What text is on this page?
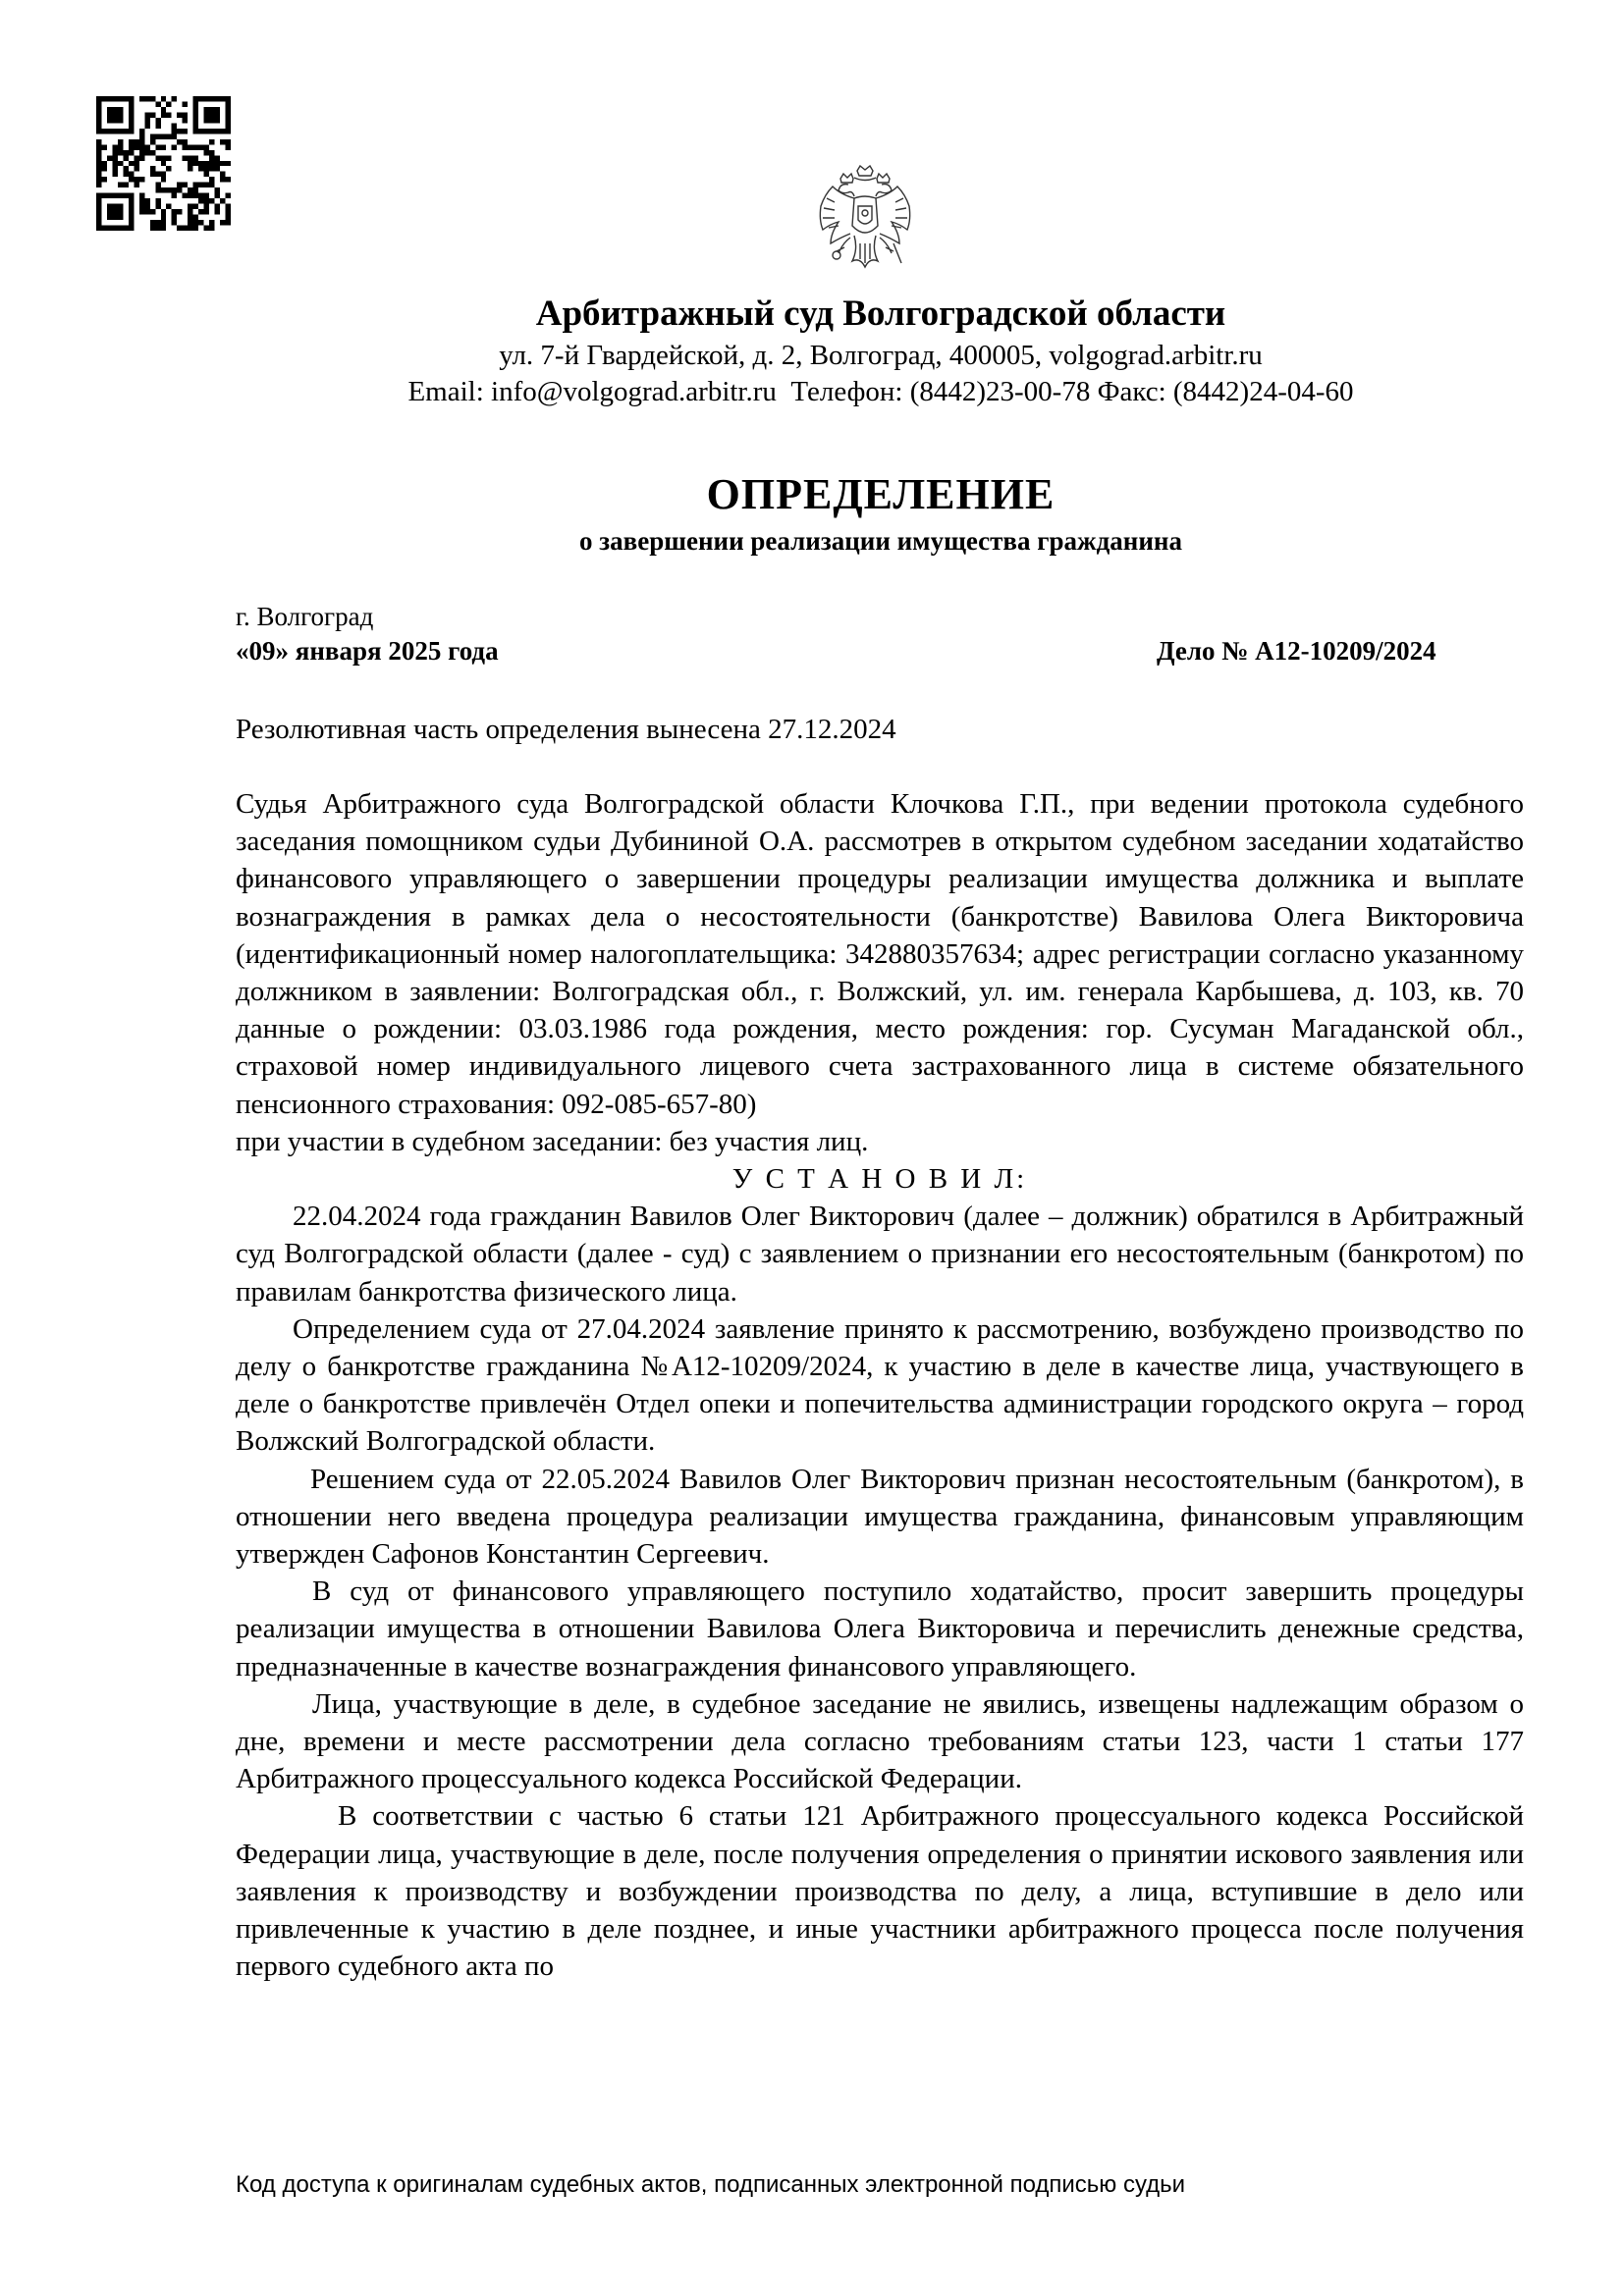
Арбитражный суд Волгоградской области
ул. 7-й Гвардейской, д. 2, Волгоград, 400005, volgograd.arbitr.ru
Email: info@volgograd.arbitr.ru  Телефон: (8442)23-00-78 Факс: (8442)24-04-60
ОПРЕДЕЛЕНИЕ
о завершении реализации имущества гражданина
г. Волгоград
«09» января 2025 года	Дело № А12-10209/2024
Резолютивная часть определения вынесена 27.12.2024

Судья Арбитражного суда Волгоградской области Клочкова Г.П., при ведении протокола судебного заседания помощником судьи Дубининой О.А. рассмотрев в открытом судебном заседании ходатайство финансового управляющего о завершении процедуры реализации имущества должника и выплате вознаграждения в рамках дела о несостоятельности (банкротстве) Вавилова Олега Викторовича (идентификационный номер налогоплательщика: 342880357634; адрес регистрации согласно указанному должником в заявлении: Волгоградская обл., г. Волжский, ул. им. генерала Карбышева, д. 103, кв. 70 данные о рождении: 03.03.1986 года рождения, место рождения: гор. Сусуман Магаданской обл., страховой номер индивидуального лицевого счета застрахованного лица в системе обязательного пенсионного страхования: 092-085-657-80)

при участии в судебном заседании: без участия лиц.

У С Т А Н О В И Л:

22.04.2024 года гражданин Вавилов Олег Викторович (далее – должник) обратился в Арбитражный суд Волгоградской области (далее - суд) с заявлением о признании его несостоятельным (банкротом) по правилам банкротства физического лица.

Определением суда от 27.04.2024 заявление принято к рассмотрению, возбуждено производство по делу о банкротстве гражданина №А12-10209/2024, к участию в деле в качестве лица, участвующего в деле о банкротстве привлечён Отдел опеки и попечительства администрации городского округа – город Волжский Волгоградской области.

Решением суда от 22.05.2024 Вавилов Олег Викторович признан несостоятельным (банкротом), в отношении него введена процедура реализации имущества гражданина, финансовым управляющим утвержден Сафонов Константин Сергеевич.

В суд от финансового управляющего поступило ходатайство, просит завершить процедуры реализации имущества в отношении Вавилова Олега Викторовича и перечислить денежные средства, предназначенные в качестве вознаграждения финансового управляющего.

Лица, участвующие в деле, в судебное заседание не явились, извещены надлежащим образом о дне, времени и месте рассмотрении дела согласно требованиям статьи 123, части 1 статьи 177 Арбитражного процессуального кодекса Российской Федерации.

В соответствии с частью 6 статьи 121 Арбитражного процессуального кодекса Российской Федерации лица, участвующие в деле, после получения определения о принятии искового заявления или заявления к производству и возбуждении производства по делу, а лица, вступившие в дело или привлеченные к участию в деле позднее, и иные участники арбитражного процесса после получения первого судебного акта по

Код доступа к оригиналам судебных актов, подписанных электронной подписью судьи
